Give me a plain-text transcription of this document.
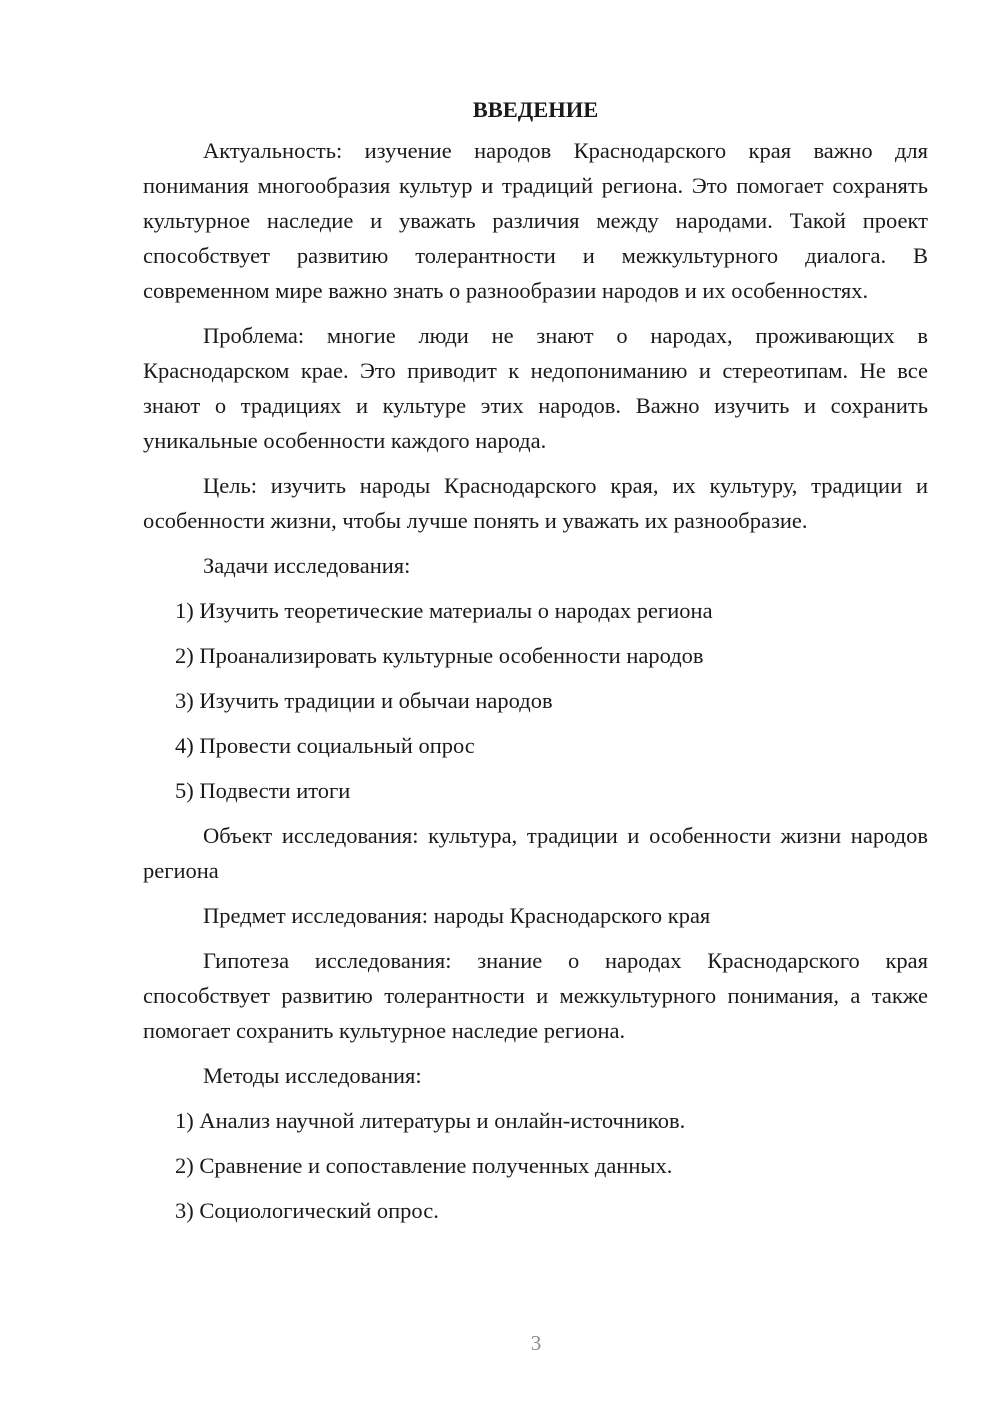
ВВЕДЕНИЕ

Актуальность: изучение народов Краснодарского края важно для понимания многообразия культур и традиций региона. Это помогает сохранять культурное наследие и уважать различия между народами. Такой проект способствует развитию толерантности и межкультурного диалога. В современном мире важно знать о разнообразии народов и их особенностях.

Проблема: многие люди не знают о народах, проживающих в Краснодарском крае. Это приводит к недопониманию и стереотипам. Не все знают о традициях и культуре этих народов. Важно изучить и сохранить уникальные особенности каждого народа.

Цель: изучить народы Краснодарского края, их культуру, традиции и особенности жизни, чтобы лучше понять и уважать их разнообразие.

Задачи исследования:

1) Изучить теоретические материалы о народах региона

2) Проанализировать культурные особенности народов

3) Изучить традиции и обычаи народов

4) Провести социальный опрос

5) Подвести итоги

Объект исследования: культура, традиции и особенности жизни народов региона

Предмет исследования: народы Краснодарского края

Гипотеза исследования: знание о народах Краснодарского края способствует развитию толерантности и межкультурного понимания, а также помогает сохранить культурное наследие региона.

Методы исследования:

1) Анализ научной литературы и онлайн-источников.

2) Сравнение и сопоставление полученных данных.

3) Социологический опрос.

3
